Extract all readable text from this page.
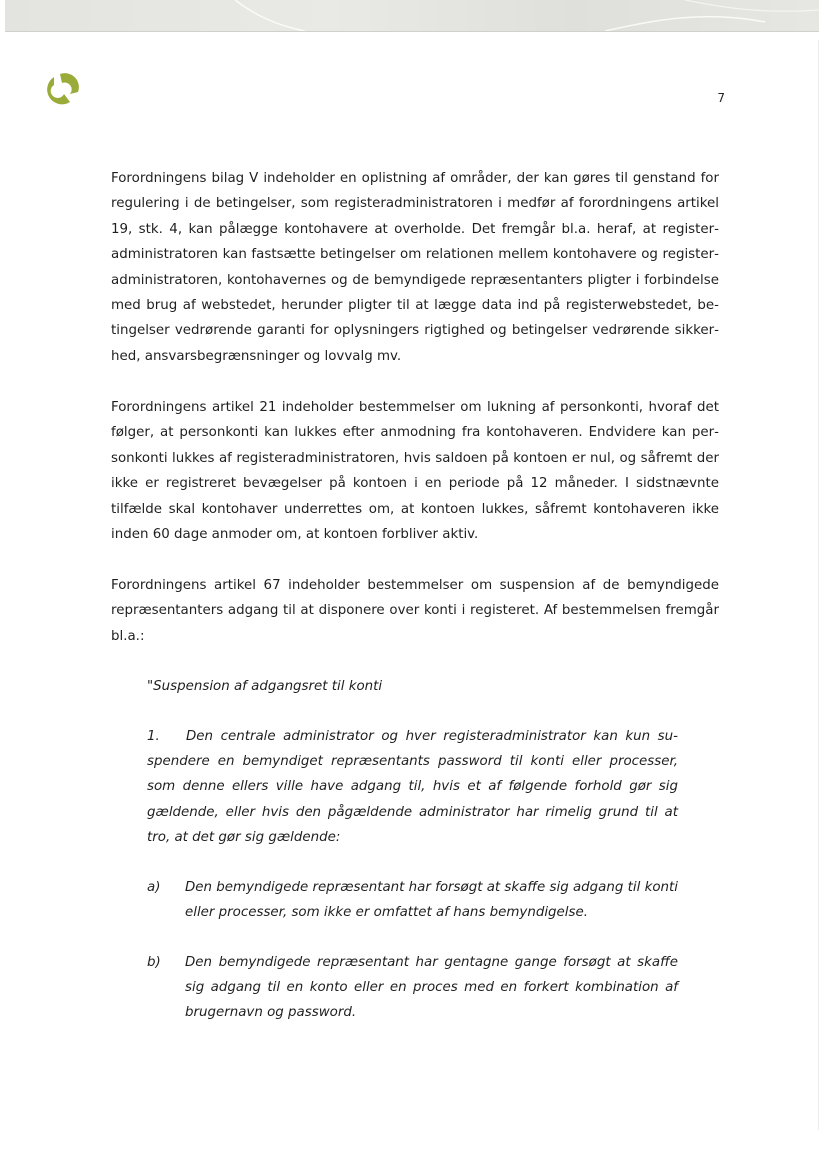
7

Forordningens bilag V indeholder en oplistning af områder, der kan gøres til genstand for regulering i de betingelser, som registeradministratoren i medfør af forordningens artikel 19, stk. 4, kan pålægge kontohavere at overholde. Det fremgår bl.a. heraf, at registeradministratoren kan fastsætte betingelser om relationen mellem kontohavere og registeradministratoren, kontohavernes og de bemyndigede repræsentanters pligter i forbindelse med brug af webstedet, herunder pligter til at lægge data ind på registerwebstedet, betingelser vedrørende garanti for oplysningers rigtighed og betingelser vedrørende sikkerhed, ansvarsbegrænsninger og lovvalg mv.

Forordningens artikel 21 indeholder bestemmelser om lukning af personkonti, hvoraf det følger, at personkonti kan lukkes efter anmodning fra kontohaveren. Endvidere kan personkonti lukkes af registeradministratoren, hvis saldoen på kontoen er nul, og såfremt der ikke er registreret bevægelser på kontoen i en periode på 12 måneder. I sidstnævnte tilfælde skal kontohaver underrettes om, at kontoen lukkes, såfremt kontohaveren ikke inden 60 dage anmoder om, at kontoen forbliver aktiv.

Forordningens artikel 67 indeholder bestemmelser om suspension af de bemyndigede repræsentanters adgang til at disponere over konti i registeret. Af bestemmelsen fremgår bl.a.:

"Suspension af adgangsret til konti
1. Den centrale administrator og hver registeradministrator kan kun suspendere en bemyndiget repræsentants password til konti eller processer, som denne ellers ville have adgang til, hvis et af følgende forhold gør sig gældende, eller hvis den pågældende administrator har rimelig grund til at tro, at det gør sig gældende:
a)	Den bemyndigede repræsentant har forsøgt at skaffe sig adgang til konti eller processer, som ikke er omfattet af hans bemyndigelse.
b)	Den bemyndigede repræsentant har gentagne gange forsøgt at skaffe sig adgang til en konto eller en proces med en forkert kombination af brugernavn og password.
